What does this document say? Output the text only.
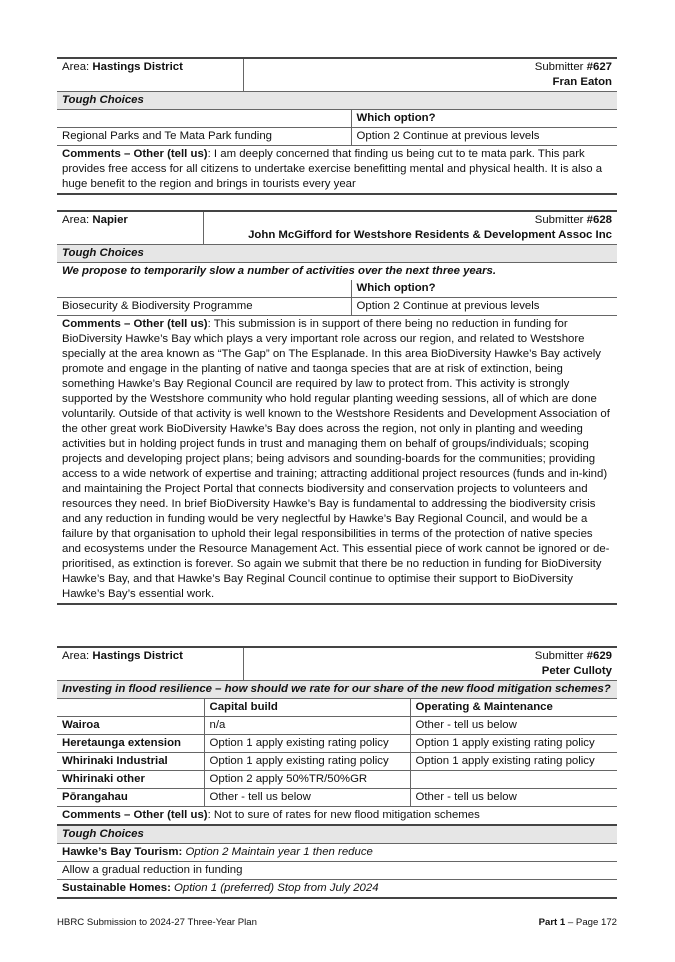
Area: Hastings District	Submitter #627
Fran Eaton
Tough Choices	
	Which option?
Regional Parks and Te Mata Park funding	Option 2 Continue at previous levels
Comments – Other (tell us): I am deeply concerned that finding us being cut to te mata park. This park provides free access for all citizens to undertake exercise benefitting mental and physical health. It is also a huge benefit to the region and brings in tourists every year	
Area: Napier	Submitter #628
John McGifford for Westshore Residents & Development Assoc Inc
Tough Choices	
We propose to temporarily slow a number of activities over the next three years.	
	Which option?
Biosecurity & Biodiversity Programme	Option 2 Continue at previous levels
Comments – Other (tell us): This submission is in support of there being no reduction in funding for BioDiversity Hawke’s Bay which plays a very important role across our region, and related to Westshore specially at the area known as “The Gap” on The Esplanade. In this area BioDiversity Hawke’s Bay actively promote and engage in the planting of native and taonga species that are at risk of extinction, being something Hawke’s Bay Regional Council are required by law to protect from. This activity is strongly supported by the Westshore community who hold regular planting weeding sessions, all of which are done voluntarily. Outside of that activity is well known to the Westshore Residents and Development Association of the other great work BioDiversity Hawke’s Bay does across the region, not only in planting and weeding activities but in holding project funds in trust and managing them on behalf of groups/individuals; scoping projects and developing project plans; being advisors and sounding-boards for the communities; providing access to a wide network of expertise and training; attracting additional project resources (funds and in-kind) and maintaining the Project Portal that connects biodiversity and conservation projects to volunteers and resources they need. In brief BioDiversity Hawke’s Bay is fundamental to addressing the biodiversity crisis and any reduction in funding would be very neglectful by Hawke’s Bay Regional Council, and would be a failure by that organisation to uphold their legal responsibilities in terms of the protection of native species and ecosystems under the Resource Management Act. This essential piece of work cannot be ignored or de-prioritised, as extinction is forever. So again we submit that there be no reduction in funding for BioDiversity Hawke’s Bay, and that Hawke’s Bay Reginal Council continue to optimise their support to BioDiversity Hawke’s Bay’s essential work.	
Area: Hastings District	Submitter #629
Peter Culloty
Investing in flood resilience – how should we rate for our share of the new flood mitigation schemes?		
	Capital build	Operating & Maintenance
Wairoa	n/a	Other - tell us below
Heretaunga extension	Option 1 apply existing rating policy	Option 1 apply existing rating policy
Whirinaki Industrial	Option 1 apply existing rating policy	Option 1 apply existing rating policy
Whirinaki other	Option 2 apply 50%TR/50%GR	
Pōrangahau	Other - tell us below	Other - tell us below
Comments – Other (tell us): Not to sure of rates for new flood mitigation schemes		
Tough Choices
Hawke’s Bay Tourism: Option 2 Maintain year 1 then reduce
Allow a gradual reduction in funding
Sustainable Homes: Option 1 (preferred) Stop from July 2024
HBRC Submission to 2024-27 Three-Year Plan	Part 1 – Page 172
